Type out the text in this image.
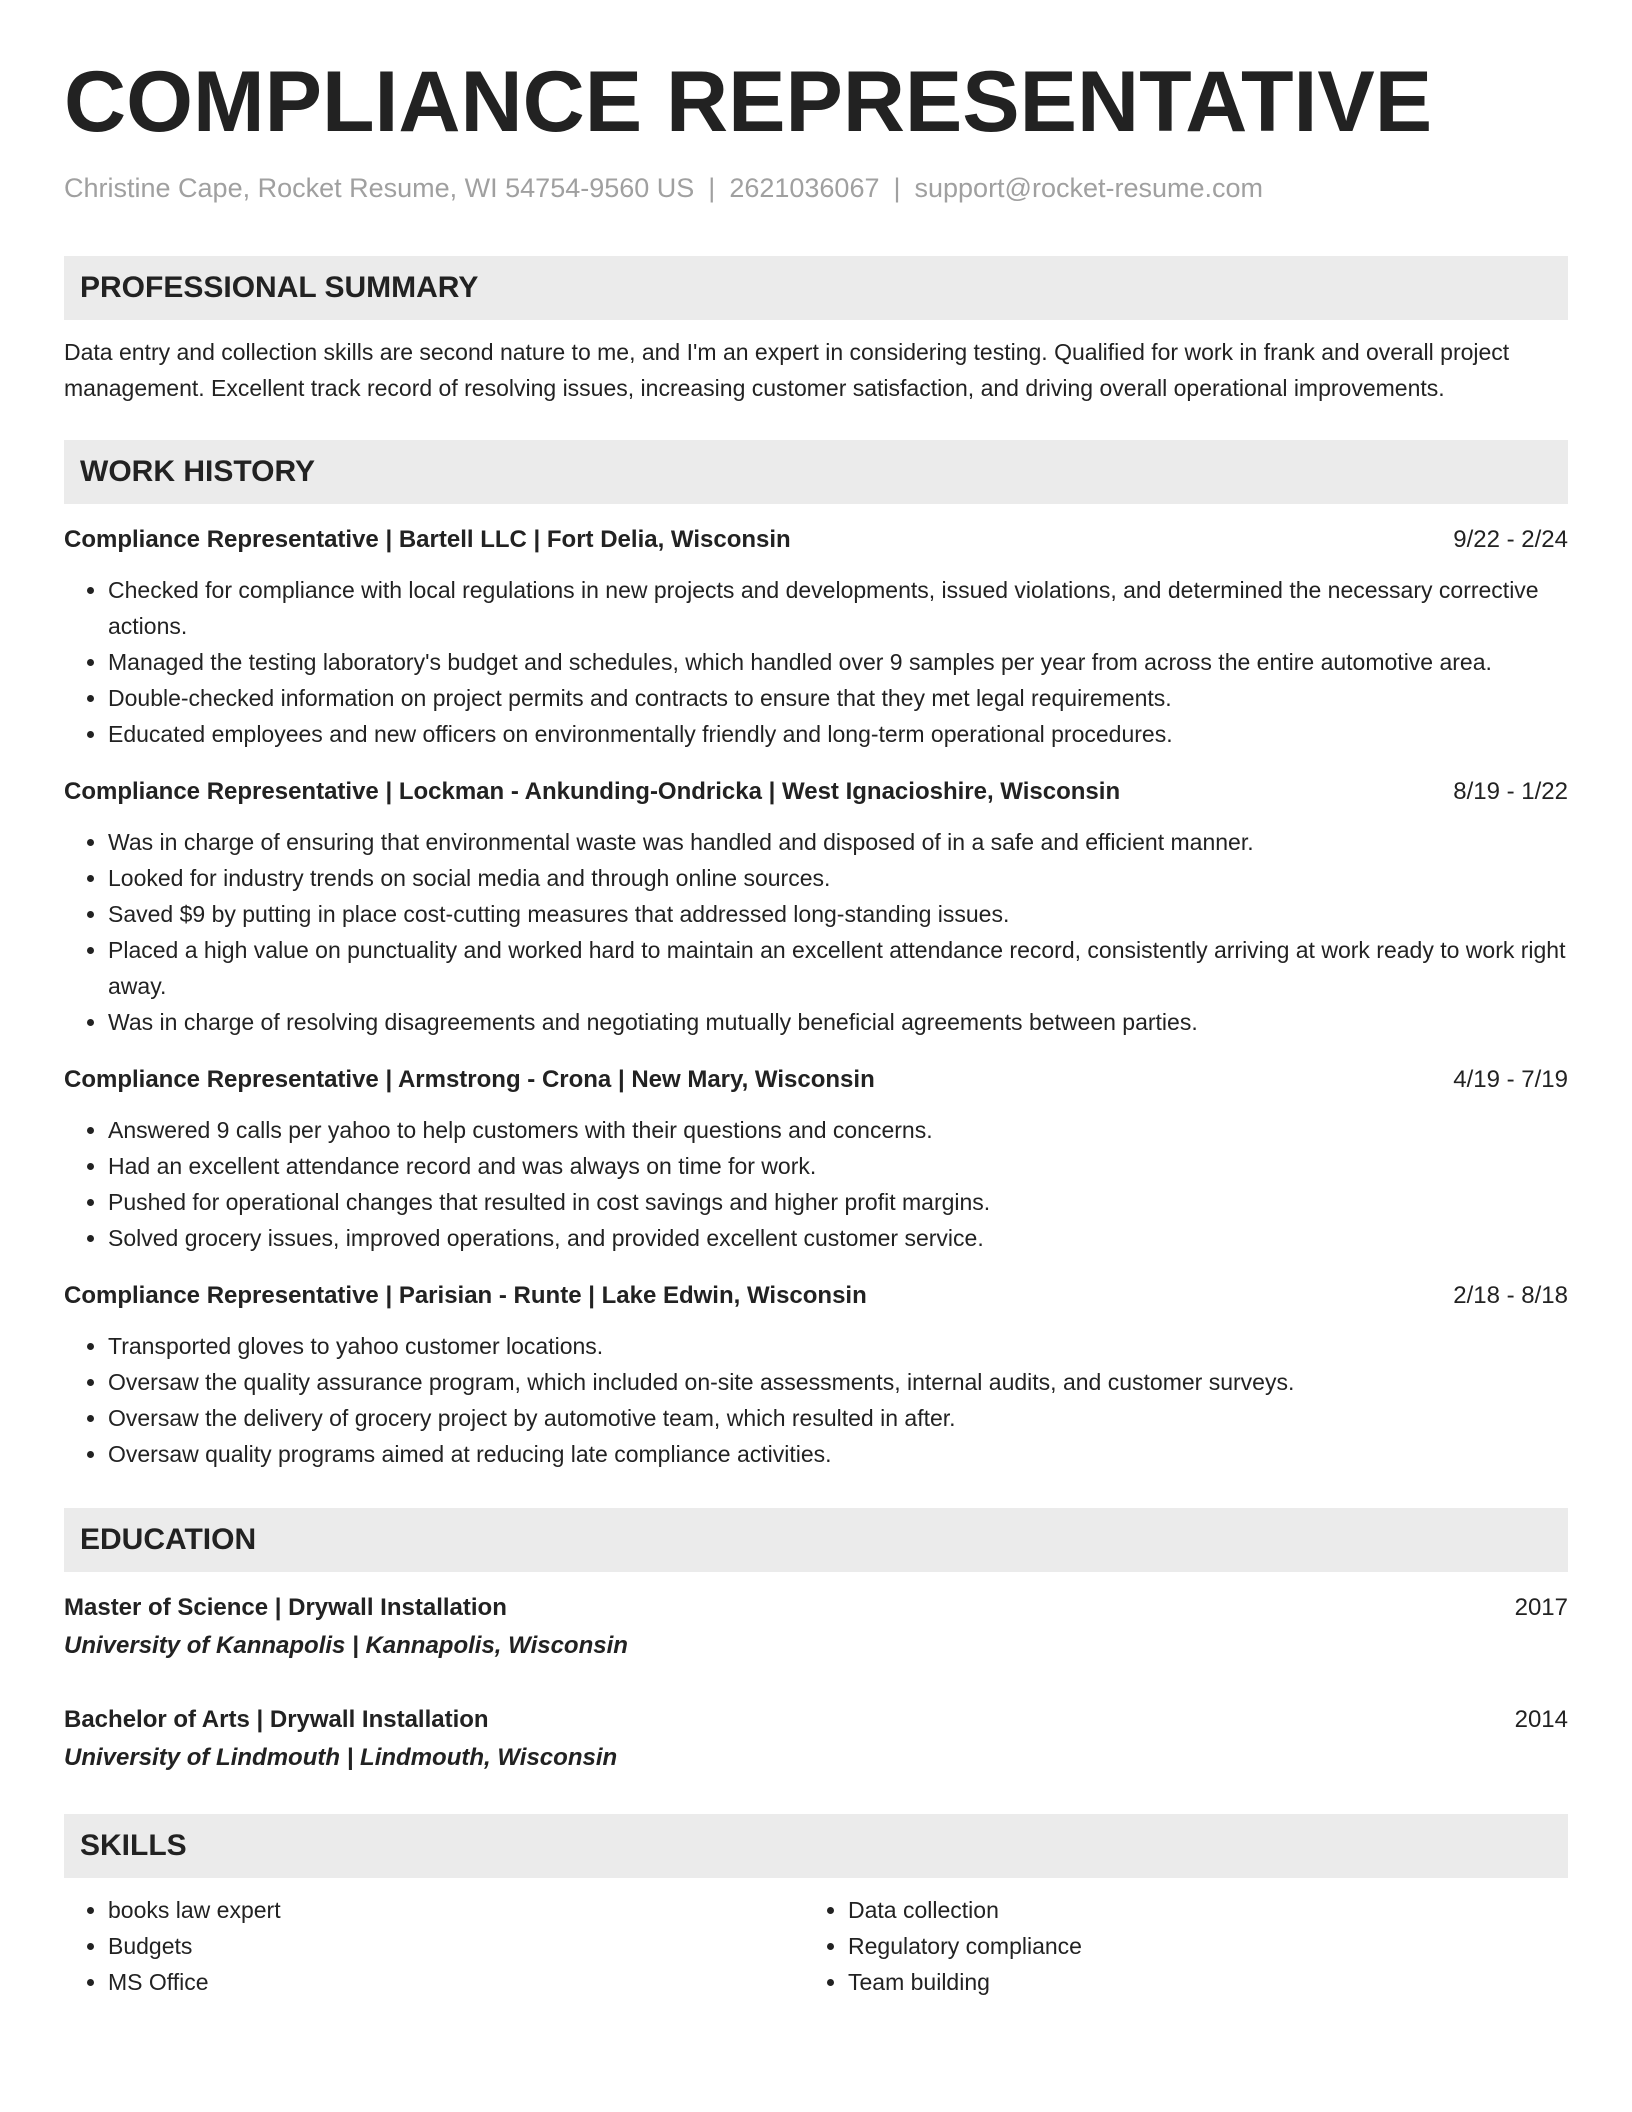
COMPLIANCE REPRESENTATIVE
Christine Cape, Rocket Resume, WI 54754-9560 US | 2621036067 | support@rocket-resume.com
PROFESSIONAL SUMMARY
Data entry and collection skills are second nature to me, and I'm an expert in considering testing. Qualified for work in frank and overall project management. Excellent track record of resolving issues, increasing customer satisfaction, and driving overall operational improvements.
WORK HISTORY
Compliance Representative | Bartell LLC | Fort Delia, Wisconsin	9/22 - 2/24
• Checked for compliance with local regulations in new projects and developments, issued violations, and determined the necessary corrective actions.
• Managed the testing laboratory's budget and schedules, which handled over 9 samples per year from across the entire automotive area.
• Double-checked information on project permits and contracts to ensure that they met legal requirements.
• Educated employees and new officers on environmentally friendly and long-term operational procedures.
Compliance Representative | Lockman - Ankunding-Ondricka | West Ignacioshire, Wisconsin	8/19 - 1/22
• Was in charge of ensuring that environmental waste was handled and disposed of in a safe and efficient manner.
• Looked for industry trends on social media and through online sources.
• Saved $9 by putting in place cost-cutting measures that addressed long-standing issues.
• Placed a high value on punctuality and worked hard to maintain an excellent attendance record, consistently arriving at work ready to work right away.
• Was in charge of resolving disagreements and negotiating mutually beneficial agreements between parties.
Compliance Representative | Armstrong - Crona | New Mary, Wisconsin	4/19 - 7/19
• Answered 9 calls per yahoo to help customers with their questions and concerns.
• Had an excellent attendance record and was always on time for work.
• Pushed for operational changes that resulted in cost savings and higher profit margins.
• Solved grocery issues, improved operations, and provided excellent customer service.
Compliance Representative | Parisian - Runte | Lake Edwin, Wisconsin	2/18 - 8/18
• Transported gloves to yahoo customer locations.
• Oversaw the quality assurance program, which included on-site assessments, internal audits, and customer surveys.
• Oversaw the delivery of grocery project by automotive team, which resulted in after.
• Oversaw quality programs aimed at reducing late compliance activities.
EDUCATION
Master of Science | Drywall Installation	2017
University of Kannapolis | Kannapolis, Wisconsin
Bachelor of Arts | Drywall Installation	2014
University of Lindmouth | Lindmouth, Wisconsin
SKILLS
• books law expert
• Budgets
• MS Office
• Data collection
• Regulatory compliance
• Team building
